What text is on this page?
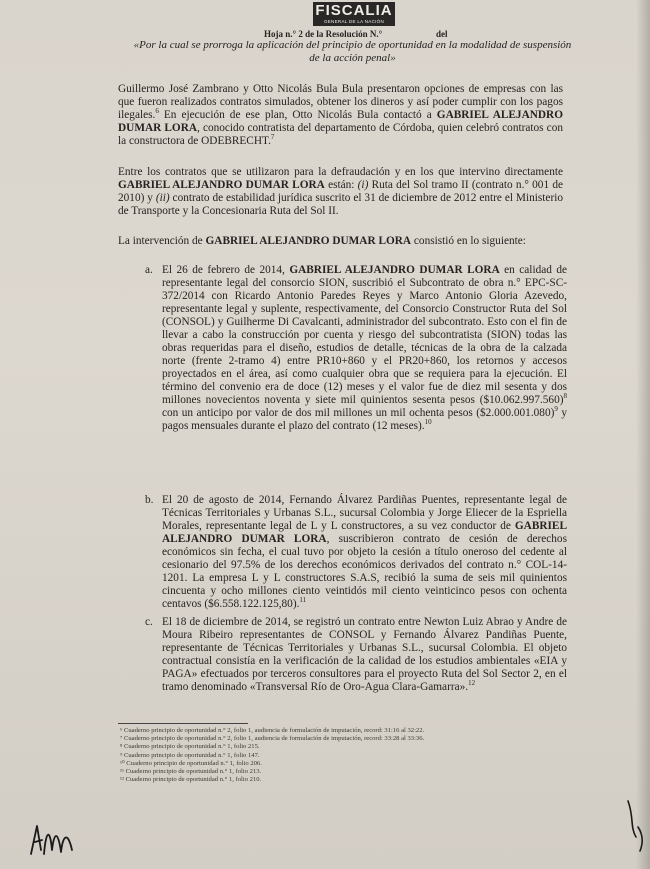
FISCALIA
GENERAL DE LA NACIÓN
Hoja n.° 2 de la Resolución N.°	del
«Por la cual se prorroga la aplicación del principio de oportunidad en la modalidad de suspensión de la acción penal»
Guillermo José Zambrano y Otto Nicolás Bula Bula presentaron opciones de empresas con las que fueron realizados contratos simulados, obtener los dineros y así poder cumplir con los pagos ilegales.$^6$ En ejecución de ese plan, Otto Nicolás Bula contactó a GABRIEL ALEJANDRO DUMAR LORA, conocido contratista del departamento de Córdoba, quien celebró contratos con la constructora de ODEBRECHT.$^7$
Entre los contratos que se utilizaron para la defraudación y en los que intervino directamente GABRIEL ALEJANDRO DUMAR LORA están: (i) Ruta del Sol tramo II (contrato n.° 001 de 2010) y (ii) contrato de estabilidad jurídica suscrito el 31 de diciembre de 2012 entre el Ministerio de Transporte y la Concesionaria Ruta del Sol II.
La intervención de GABRIEL ALEJANDRO DUMAR LORA consistió en lo siguiente:
a. El 26 de febrero de 2014, GABRIEL ALEJANDRO DUMAR LORA en calidad de representante legal del consorcio SION, suscribió el Subcontrato de obra n.° EPC-SC-372/2014 con Ricardo Antonio Paredes Reyes y Marco Antonio Gloria Azevedo, representante legal y suplente, respectivamente, del Consorcio Constructor Ruta del Sol (CONSOL) y Guilherme Di Cavalcanti, administrador del subcontrato. Esto con el fin de llevar a cabo la construcción por cuenta y riesgo del subcontratista (SION) todas las obras requeridas para el diseño, estudios de detalle, técnicas de la obra de la calzada norte (frente 2-tramo 4) entre PR10+860 y el PR20+860, los retornos y accesos proyectados en el área, así como cualquier obra que se requiera para la ejecución. El término del convenio era de doce (12) meses y el valor fue de diez mil sesenta y dos millones novecientos noventa y siete mil quinientos sesenta pesos ($10.062.997.560)$^8$ con un anticipo por valor de dos mil millones un mil ochenta pesos ($2.000.001.080)$^9$ y pagos mensuales durante el plazo del contrato (12 meses).$^{10}$
b. El 20 de agosto de 2014, Fernando Álvarez Pardiñas Puentes, representante legal de Técnicas Territoriales y Urbanas S.L., sucursal Colombia y Jorge Eliecer de la Espriella Morales, representante legal de L y L constructores, a su vez conductor de GABRIEL ALEJANDRO DUMAR LORA, suscribieron contrato de cesión de derechos económicos sin fecha, el cual tuvo por objeto la cesión a título oneroso del cedente al cesionario del 97.5% de los derechos económicos derivados del contrato n.° COL-14-1201. La empresa L y L constructores S.A.S, recibió la suma de seis mil quinientos cincuenta y ocho millones ciento veintidós mil ciento veinticinco pesos con ochenta centavos ($6.558.122.125,80).$^{11}$
c. El 18 de diciembre de 2014, se registró un contrato entre Newton Luiz Abrao y Andre de Moura Ribeiro representantes de CONSOL y Fernando Álvarez Pandiñas Puente, representante de Técnicas Territoriales y Urbanas S.L., sucursal Colombia. El objeto contractual consistía en la verificación de la calidad de los estudios ambientales «EIA y PAGA» efectuados por terceros consultores para el proyecto Ruta del Sol Sector 2, en el tramo denominado «Transversal Río de Oro-Agua Clara-Gamarra».$^{12}$
⁶ Cuaderno principio de oportunidad n.° 2, folio 1, audiencia de formulación de imputación, record: 31:16 al 32:22.
⁷ Cuaderno principio de oportunidad n.° 2, folio 1, audiencia de formulación de imputación, record: 33:28 al 33:36.
⁸ Cuaderno principio de oportunidad n.° 1, folio 215.
⁹ Cuaderno principio de oportunidad n.° 1, folio 147.
¹⁰ Cuaderno principio de oportunidad n.° 1, folio 206.
¹¹ Cuaderno principio de oportunidad n.° 1, folio 213.
¹² Cuaderno principio de oportunidad n.° 1, folio 210.
